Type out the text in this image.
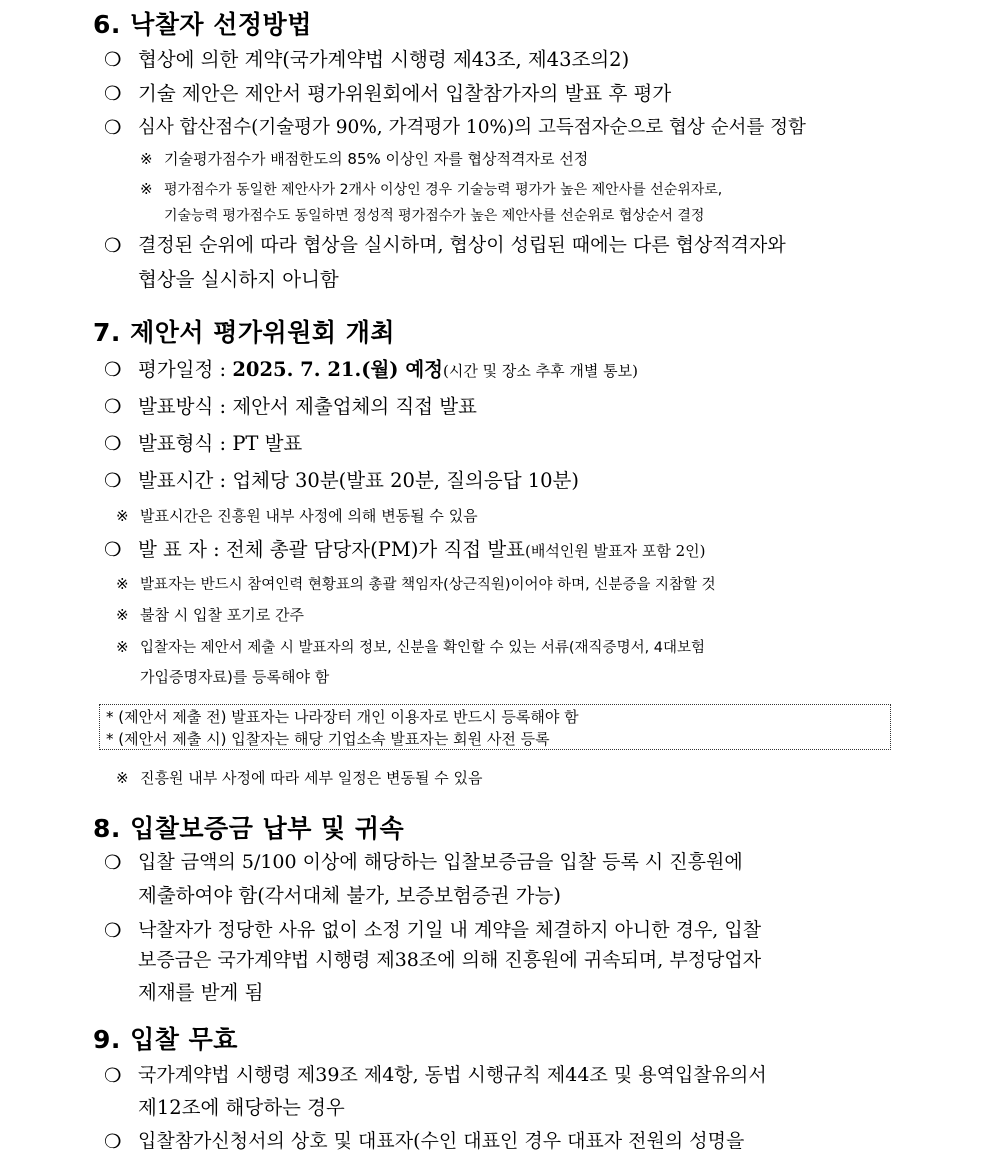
6. 낙찰자 선정방법
❍ 협상에 의한 계약(국가계약법 시행령 제43조, 제43조의2)
❍ 기술 제안은 제안서 평가위원회에서 입찰참가자의 발표 후 평가
❍ 심사 합산점수(기술평가 90%, 가격평가 10%)의 고득점자순으로 협상 순서를 정함
※ 기술평가점수가 배점한도의 85% 이상인 자를 협상적격자로 선정
※ 평가점수가 동일한 제안사가 2개사 이상인 경우 기술능력 평가가 높은 제안사를 선순위자로,
기술능력 평가점수도 동일하면 정성적 평가점수가 높은 제안사를 선순위로 협상순서 결정
❍ 결정된 순위에 따라 협상을 실시하며, 협상이 성립된 때에는 다른 협상적격자와
협상을 실시하지 아니함
7. 제안서 평가위원회 개최
❍ 평가일정 : 2025. 7. 21.(월) 예정(시간 및 장소 추후 개별 통보)
❍ 발표방식 : 제안서 제출업체의 직접 발표
❍ 발표형식 : PT 발표
❍ 발표시간 : 업체당 30분(발표 20분, 질의응답 10분)
※ 발표시간은 진흥원 내부 사정에 의해 변동될 수 있음
❍ 발 표 자 : 전체 총괄 담당자(PM)가 직접 발표(배석인원 발표자 포함 2인)
※ 발표자는 반드시 참여인력 현황표의 총괄 책임자(상근직원)이어야 하며, 신분증을 지참할 것
※ 불참 시 입찰 포기로 간주
※ 입찰자는 제안서 제출 시 발표자의 정보, 신분을 확인할 수 있는 서류(재직증명서, 4대보험
가입증명자료)를 등록해야 함
* (제안서 제출 전) 발표자는 나라장터 개인 이용자로 반드시 등록해야 함
* (제안서 제출 시) 입찰자는 해당 기업소속 발표자는 회원 사전 등록
※ 진흥원 내부 사정에 따라 세부 일정은 변동될 수 있음
8. 입찰보증금 납부 및 귀속
❍ 입찰 금액의 5/100 이상에 해당하는 입찰보증금을 입찰 등록 시 진흥원에
제출하여야 함(각서대체 불가, 보증보험증권 가능)
❍ 낙찰자가 정당한 사유 없이 소정 기일 내 계약을 체결하지 아니한 경우, 입찰
보증금은 국가계약법 시행령 제38조에 의해 진흥원에 귀속되며, 부정당업자
제재를 받게 됨
9. 입찰 무효
❍ 국가계약법 시행령 제39조 제4항, 동법 시행규칙 제44조 및 용역입찰유의서
제12조에 해당하는 경우
❍ 입찰참가신청서의 상호 및 대표자(수인 대표인 경우 대표자 전원의 성명을
